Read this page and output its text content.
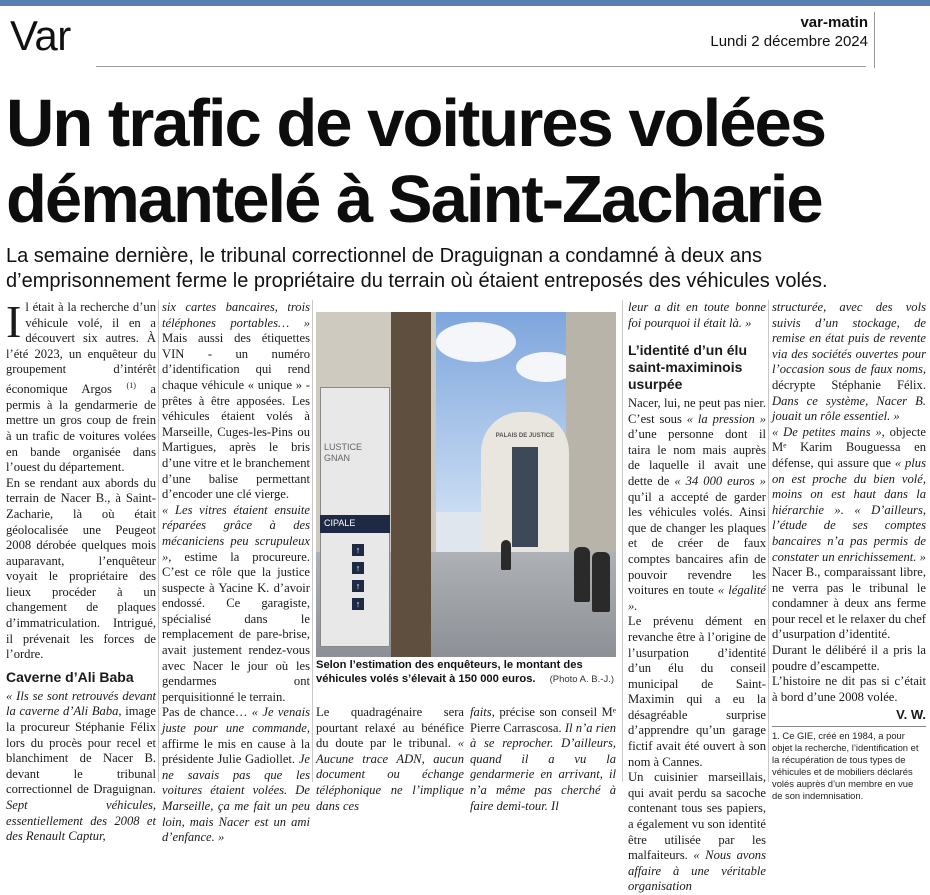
Var	var-matin
Lundi 2 décembre 2024
Un trafic de voitures volées
démantelé à Saint-Zacharie
La semaine dernière, le tribunal correctionnel de Draguignan a condamné à deux ans d’emprisonnement ferme le propriétaire du terrain où étaient entreposés des véhicules volés.

Il était à la recherche d’un véhicule volé, il en a découvert six autres. À l’été 2023, un enquêteur du groupement d’intérêt économique Argos $^{(1)}$ a permis à la gendarmerie de mettre un gros coup de frein à un trafic de voitures volées en bande organisée dans l’ouest du département.

En se rendant aux abords du terrain de Nacer B., à Saint-Zacharie, là où était géolocalisée une Peugeot 2008 dérobée quelques mois auparavant, l’enquêteur voyait le propriétaire des lieux procéder à un changement de plaques d’immatriculation. Intrigué, il prévenait les forces de l’ordre.

Caverne d’Ali Baba

« Ils se sont retrouvés devant la caverne d’Ali Baba, image la procureur Stéphanie Félix lors du procès pour recel et blanchiment de Nacer B. devant le tribunal correctionnel de Draguignan. Sept véhicules, essentiellement des 2008 et des Renault Captur,

six cartes bancaires, trois téléphones portables… » Mais aussi des étiquettes VIN - un numéro d’identification qui rend chaque véhicule « unique » - prêtes à être apposées. Les véhicules étaient volés à Marseille, Cuges-les-Pins ou Martigues, après le bris d’une vitre et le branchement d’une balise permettant d’encoder une clé vierge.

« Les vitres étaient ensuite réparées grâce à des mécaniciens peu scrupuleux », estime la procureure. C’est ce rôle que la justice suspecte à Yacine K. d’avoir endossé. Ce garagiste, spécialisé dans le remplacement de pare-brise, avait justement rendez-vous avec Nacer le jour où les gendarmes ont perquisitionné le terrain.

Pas de chance… « Je venais juste pour une commande, affirme le mis en cause à la présidente Julie Gadiollet. Je ne savais pas que les voitures étaient volées. De Marseille, ça me fait un peu loin, mais Nacer est un ami d’enfance. »

PALAIS DE JUSTICE
LUSTICE GNAN
CIPALE
↑
↑
↑
↑
Selon l’estimation des enquêteurs, le montant des véhicules volés s’élevait à 150 000 euros. (Photo A. B.-J.)

Le quadragénaire sera pourtant relaxé au bénéfice du doute par le tribunal. « Aucune trace ADN, aucun document ou échange téléphonique ne l’implique dans ces

faits, précise son conseil Mᵉ Pierre Carrascosa. Il n’a rien à se reprocher. D’ailleurs, quand il a vu la gendarmerie en arrivant, il n’a même pas cherché à faire demi-tour. Il

leur a dit en toute bonne foi pourquoi il était là. »

L’identité d’un élu saint-maximinois usurpée

Nacer, lui, ne peut pas nier. C’est sous « la pression » d’une personne dont il taira le nom mais auprès de laquelle il avait une dette de « 34 000 euros » qu’il a accepté de garder les véhicules volés. Ainsi que de changer les plaques et de créer de faux comptes bancaires afin de pouvoir revendre les voitures en toute « légalité ».

Le prévenu dément en revanche être à l’origine de l’usurpation d’identité d’un élu du conseil municipal de Saint-Maximin qui a eu la désagréable surprise d’apprendre qu’un garage fictif avait été ouvert à son nom à Cannes.

Un cuisinier marseillais, qui avait perdu sa sacoche contenant tous ses papiers, a également vu son identité être utilisée par les malfaiteurs. « Nous avons affaire à une véritable organisation

structurée, avec des vols suivis d’un stockage, de remise en état puis de revente via des sociétés ouvertes pour l’occasion sous de faux noms, décrypte Stéphanie Félix. Dans ce système, Nacer B. jouait un rôle essentiel. »

« De petites mains », objecte Mᵉ Karim Bouguessa en défense, qui assure que « plus on est proche du bien volé, moins on est haut dans la hiérarchie ». « D’ailleurs, l’étude de ses comptes bancaires n’a pas permis de constater un enrichissement. »

Nacer B., comparaissant libre, ne verra pas le tribunal le condamner à deux ans ferme pour recel et le relaxer du chef d’usurpation d’identité.

Durant le délibéré il a pris la poudre d’escampette.

L’histoire ne dit pas si c’était à bord d’une 2008 volée.

V. W.
1. Ce GIE, créé en 1984, a pour objet la recherche, l’identification et la récupération de tous types de véhicules et de mobiliers déclarés volés auprès d’un membre en vue de son indemnisation.
